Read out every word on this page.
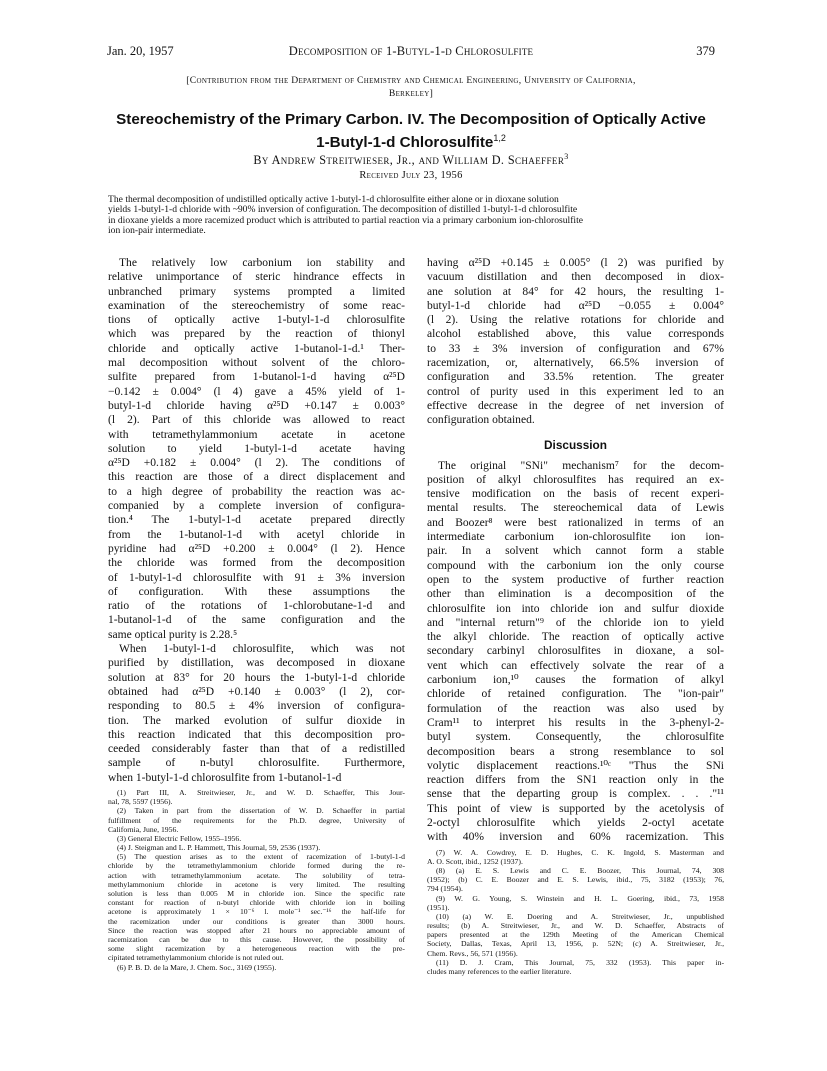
Jan. 20, 1957	Decomposition of 1-Butyl-1-d Chlorosulfite	379
[Contribution from the Department of Chemistry and Chemical Engineering, University of California,
Berkeley]
Stereochemistry of the Primary Carbon. IV. The Decomposition of Optically Active
1-Butyl-1-d Chlorosulfite$^{1,2}$
By Andrew Streitwieser, Jr., and William D. Schaeffer$^3$
Received July 23, 1956
The thermal decomposition of undistilled optically active 1-butyl-1-d chlorosulfite either alone or in dioxane solution
yields 1-butyl-1-d chloride with ~90% inversion of configuration. The decomposition of distilled 1-butyl-1-d chlorosulfite
in dioxane yields a more racemized product which is attributed to partial reaction via a primary carbonium ion-chlorosulfite
ion ion-pair intermediate.
The relatively low carbonium ion stability and
relative unimportance of steric hindrance effects in
unbranched primary systems prompted a limited
examination of the stereochemistry of some reac-
tions of optically active 1-butyl-1-d chlorosulfite
which was prepared by the reaction of thionyl
chloride and optically active 1-butanol-1-d.¹ Ther-
mal decomposition without solvent of the chloro-
sulfite prepared from 1-butanol-1-d having α²⁵D
−0.142 ± 0.004° (l 4) gave a 45% yield of 1-
butyl-1-d chloride having α²⁵D +0.147 ± 0.003°
(l 2). Part of this chloride was allowed to react
with tetramethylammonium acetate in acetone
solution to yield 1-butyl-1-d acetate having
α²⁵D +0.182 ± 0.004° (l 2). The conditions of
this reaction are those of a direct displacement and
to a high degree of probability the reaction was ac-
companied by a complete inversion of configura-
tion.⁴ The 1-butyl-1-d acetate prepared directly
from the 1-butanol-1-d with acetyl chloride in
pyridine had α²⁵D +0.200 ± 0.004° (l 2). Hence
the chloride was formed from the decomposition
of 1-butyl-1-d chlorosulfite with 91 ± 3% inversion
of configuration. With these assumptions the
ratio of the rotations of 1-chlorobutane-1-d and
1-butanol-1-d of the same configuration and the
same optical purity is 2.28.⁵
When 1-butyl-1-d chlorosulfite, which was not
purified by distillation, was decomposed in dioxane
solution at 83° for 20 hours the 1-butyl-1-d chloride
obtained had α²⁵D +0.140 ± 0.003° (l 2), cor-
responding to 80.5 ± 4% inversion of configura-
tion. The marked evolution of sulfur dioxide in
this reaction indicated that this decomposition pro-
ceeded considerably faster than that of a redistilled
sample of n-butyl chlorosulfite. Furthermore,
when 1-butyl-1-d chlorosulfite from 1-butanol-1-d
(1) Part III, A. Streitwieser, Jr., and W. D. Schaeffer, This Jour-
nal, 78, 5597 (1956).
(2) Taken in part from the dissertation of W. D. Schaeffer in partial
fulfillment of the requirements for the Ph.D. degree, University of
California, June, 1956.
(3) General Electric Fellow, 1955–1956.
(4) J. Steigman and L. P. Hammett, This Journal, 59, 2536 (1937).
(5) The question arises as to the extent of racemization of 1-butyl-1-d
chloride by the tetramethylammonium chloride formed during the re-
action with tetramethylammonium acetate. The solubility of tetra-
methylammonium chloride in acetone is very limited. The resulting
solution is less than 0.005 M in chloride ion. Since the specific rate
constant for reaction of n-butyl chloride with chloride ion in boiling
acetone is approximately 1 × 10⁻⁶ l. mole⁻¹ sec.⁻¹⁶ the half-life for
the racemization under our conditions is greater than 3000 hours.
Since the reaction was stopped after 21 hours no appreciable amount of
racemization can be due to this cause. However, the possibility of
some slight racemization by a heterogeneous reaction with the pre-
cipitated tetramethylammonium chloride is not ruled out.
(6) P. B. D. de la Mare, J. Chem. Soc., 3169 (1955).
having α²⁵D +0.145 ± 0.005° (l 2) was purified by
vacuum distillation and then decomposed in diox-
ane solution at 84° for 42 hours, the resulting 1-
butyl-1-d chloride had α²⁵D −0.055 ± 0.004°
(l 2). Using the relative rotations for chloride and
alcohol established above, this value corresponds
to 33 ± 3% inversion of configuration and 67%
racemization, or, alternatively, 66.5% inversion of
configuration and 33.5% retention. The greater
control of purity used in this experiment led to an
effective decrease in the degree of net inversion of
configuration obtained.
Discussion
The original "SNi" mechanism⁷ for the decom-
position of alkyl chlorosulfites has required an ex-
tensive modification on the basis of recent experi-
mental results. The stereochemical data of Lewis
and Boozer⁸ were best rationalized in terms of an
intermediate carbonium ion-chlorosulfite ion ion-
pair. In a solvent which cannot form a stable
compound with the carbonium ion the only course
open to the system productive of further reaction
other than elimination is a decomposition of the
chlorosulfite ion into chloride ion and sulfur dioxide
and "internal return"⁹ of the chloride ion to yield
the alkyl chloride. The reaction of optically active
secondary carbinyl chlorosulfites in dioxane, a sol-
vent which can effectively solvate the rear of a
carbonium ion,¹⁰ causes the formation of alkyl
chloride of retained configuration. The "ion-pair"
formulation of the reaction was also used by
Cram¹¹ to interpret his results in the 3-phenyl-2-
butyl system. Consequently, the chlorosulfite
decomposition bears a strong resemblance to sol
volytic displacement reactions.¹⁰ᶜ "Thus the SNi
reaction differs from the SN1 reaction only in the
sense that the departing group is complex. . . ."¹¹
This point of view is supported by the acetolysis of
2-octyl chlorosulfite which yields 2-octyl acetate
with 40% inversion and 60% racemization. This
(7) W. A. Cowdrey, E. D. Hughes, C. K. Ingold, S. Masterman and
A. O. Scott, ibid., 1252 (1937).
(8) (a) E. S. Lewis and C. E. Boozer, This Journal, 74, 308
(1952); (b) C. E. Boozer and E. S. Lewis, ibid., 75, 3182 (1953); 76,
794 (1954).
(9) W. G. Young, S. Winstein and H. L. Goering, ibid., 73, 1958
(1951).
(10) (a) W. E. Doering and A. Streitwieser, Jr., unpublished
results; (b) A. Streitwieser, Jr., and W. D. Schaeffer, Abstracts of
papers presented at the 129th Meeting of the American Chemical
Society, Dallas, Texas, April 13, 1956, p. 52N; (c) A. Streitwieser, Jr.,
Chem. Revs., 56, 571 (1956).
(11) D. J. Cram, This Journal, 75, 332 (1953). This paper in-
cludes many references to the earlier literature.
